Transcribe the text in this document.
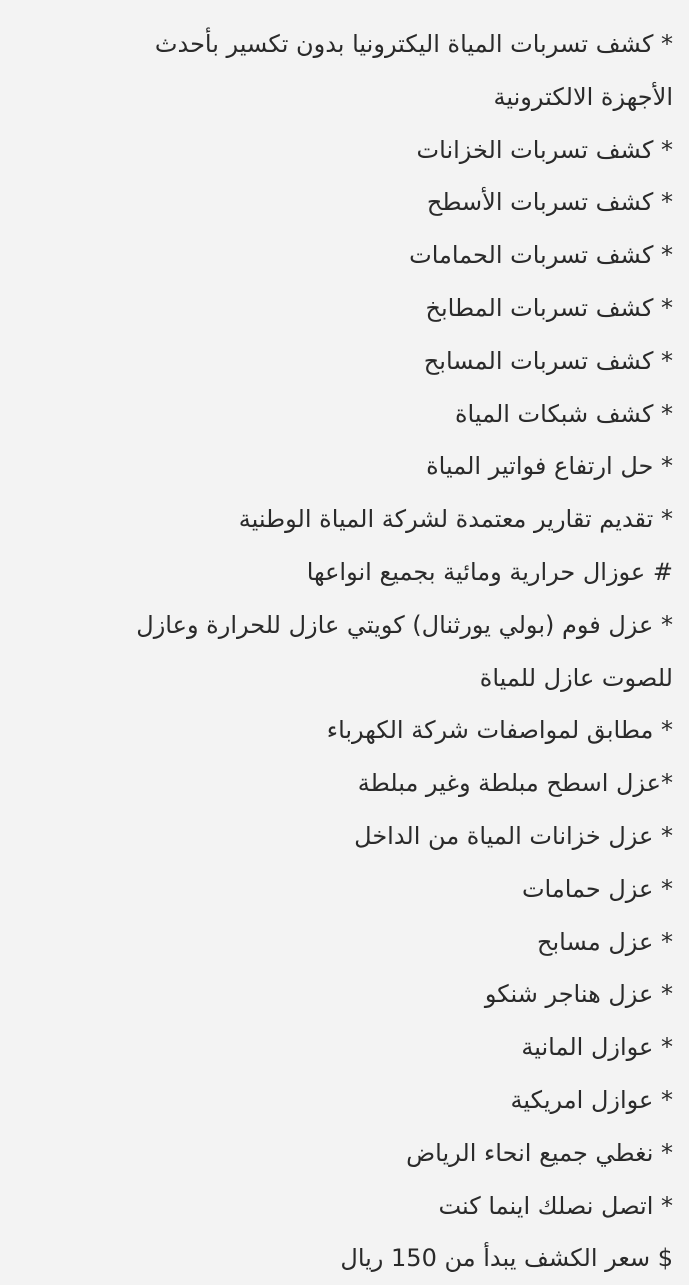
* كشف تسربات المياة اليكترونيا بدون تكسير بأحدث
الأجهزة الالكترونية
* كشف تسربات الخزانات
* كشف تسربات الأسطح
* كشف تسربات الحمامات
* كشف تسربات المطابخ
* كشف تسربات المسابح
* كشف شبكات المياة
* حل ارتفاع فواتير المياة
* تقديم تقارير معتمدة لشركة المياة الوطنية
# عوزال حرارية ومائية بجميع انواعها
* عزل فوم (بولي يورثنال) كويتي عازل للحرارة وعازل
للصوت عازل للمياة
* مطابق لمواصفات شركة الكهرباء
*عزل اسطح مبلطة وغير مبلطة
* عزل خزانات المياة من الداخل
* عزل حمامات
* عزل مسابح
* عزل هناجر شنكو
* عوازل المانية
* عوازل امريكية
* نغطي جميع انحاء الرياض
* اتصل نصلك اينما كنت
$ سعر الكشف يبدأ من 150 ريال
